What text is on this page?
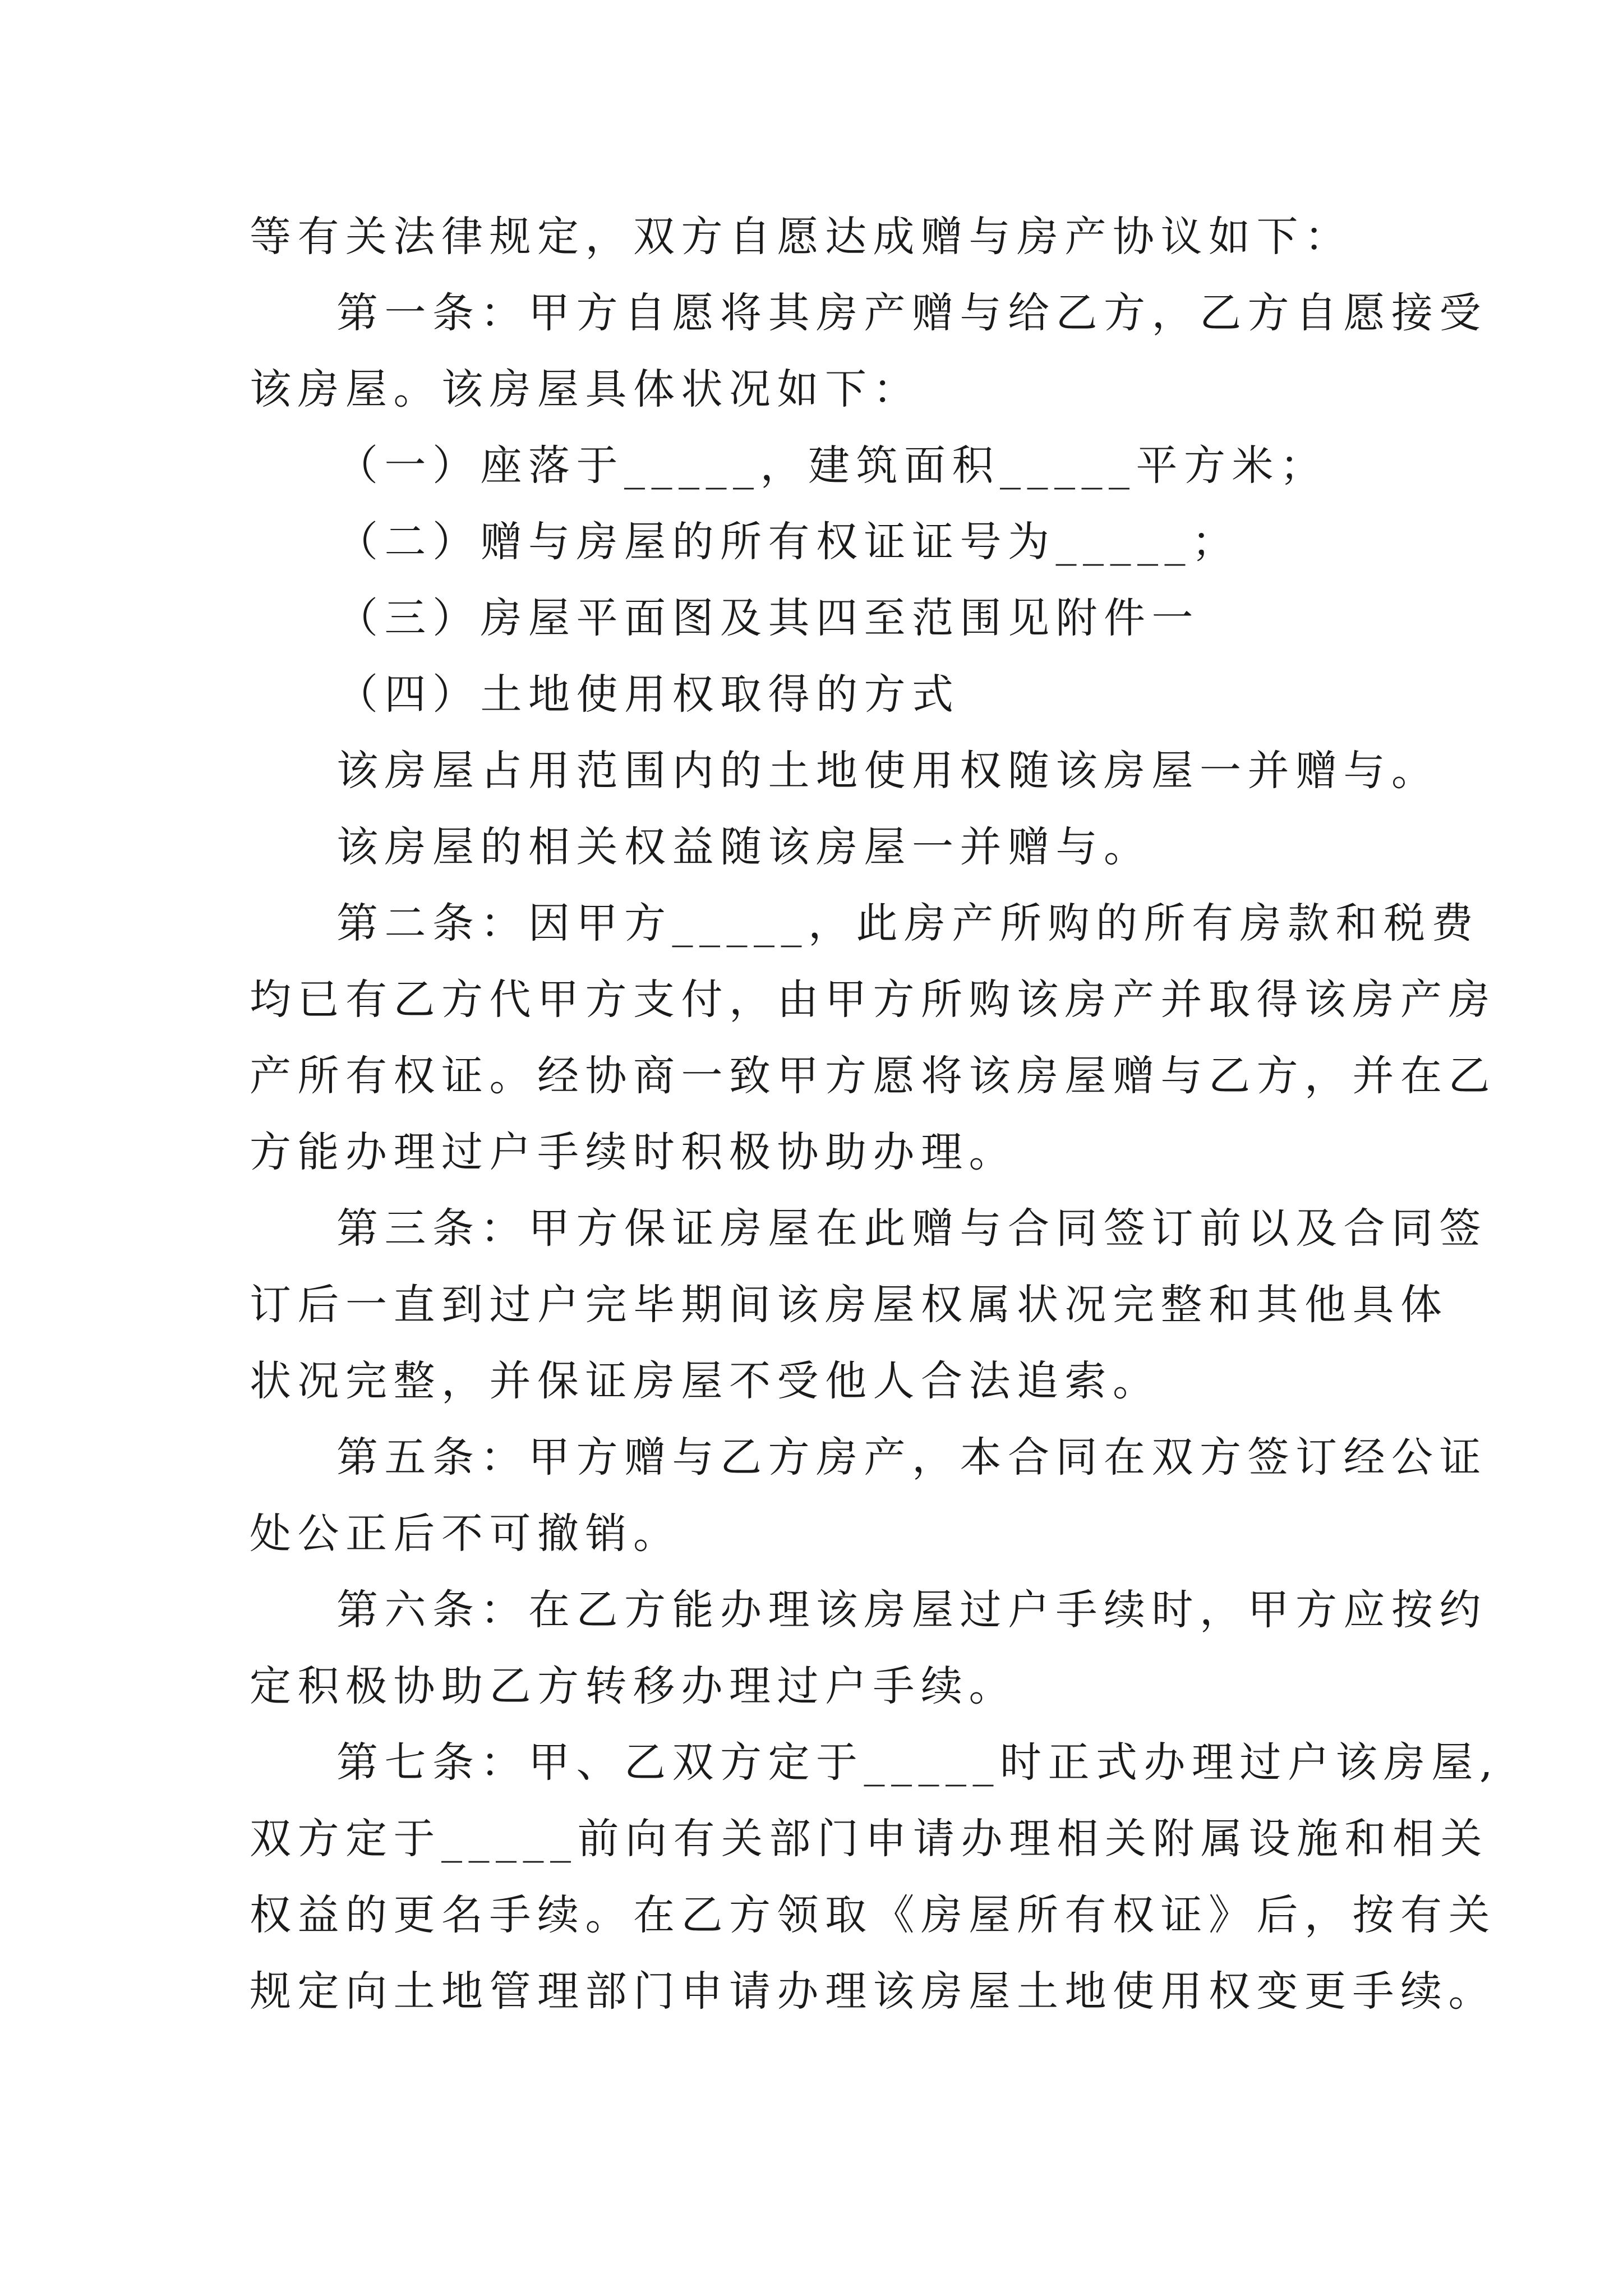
等有关法律规定，双方自愿达成赠与房产协议如下：
第一条：甲方自愿将其房产赠与给乙方，乙方自愿接受
该房屋。该房屋具体状况如下：
（一）座落于_____，建筑面积_____平方米；
（二）赠与房屋的所有权证证号为_____；
（三）房屋平面图及其四至范围见附件一
（四）土地使用权取得的方式
该房屋占用范围内的土地使用权随该房屋一并赠与。
该房屋的相关权益随该房屋一并赠与。
第二条：因甲方_____，此房产所购的所有房款和税费
均已有乙方代甲方支付，由甲方所购该房产并取得该房产房
产所有权证。经协商一致甲方愿将该房屋赠与乙方，并在乙
方能办理过户手续时积极协助办理。
第三条：甲方保证房屋在此赠与合同签订前以及合同签
订后一直到过户完毕期间该房屋权属状况完整和其他具体
状况完整，并保证房屋不受他人合法追索。
第五条：甲方赠与乙方房产，本合同在双方签订经公证
处公正后不可撤销。
第六条：在乙方能办理该房屋过户手续时，甲方应按约
定积极协助乙方转移办理过户手续。
第七条：甲、乙双方定于_____时正式办理过户该房屋,
双方定于_____前向有关部门申请办理相关附属设施和相关
权益的更名手续。在乙方领取《房屋所有权证》后，按有关
规定向土地管理部门申请办理该房屋土地使用权变更手续。
